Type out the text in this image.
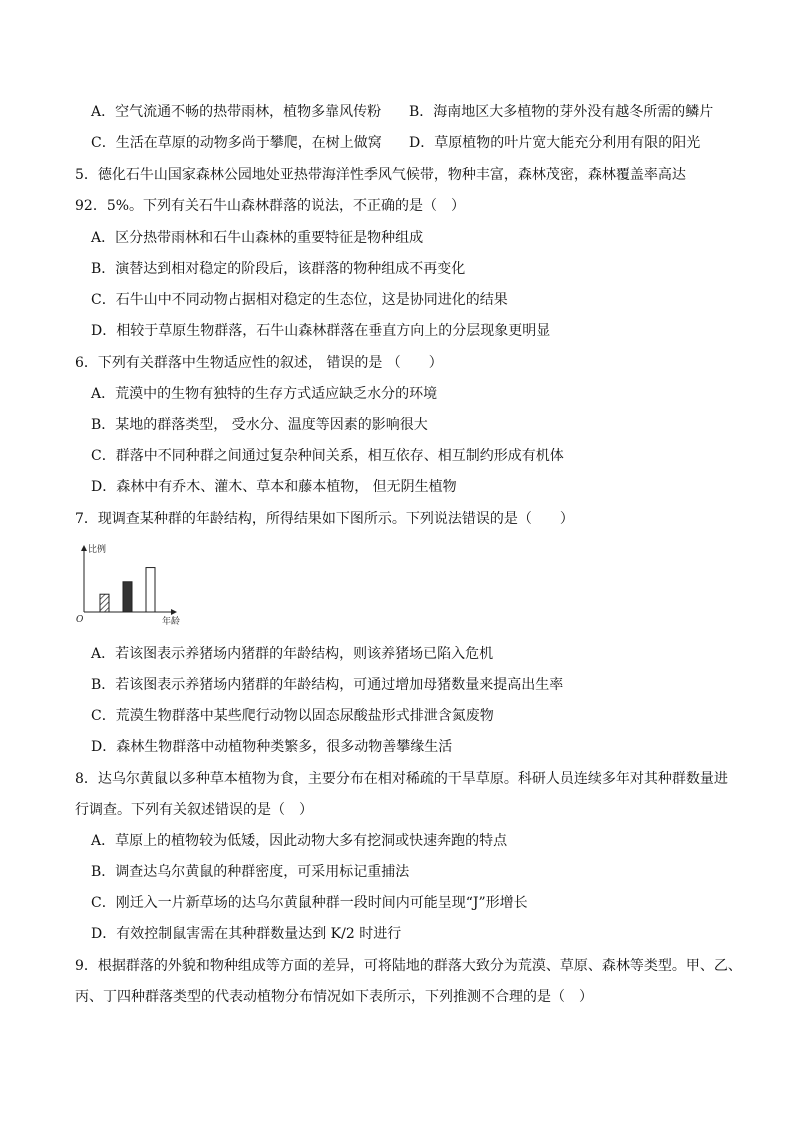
A．空气流通不畅的热带雨林，植物多靠风传粉 B．海南地区大多植物的芽外没有越冬所需的鳞片
C．生活在草原的动物多尚于攀爬，在树上做窝 D．草原植物的叶片宽大能充分利用有限的阳光
5．德化石牛山国家森林公园地处亚热带海洋性季风气候带，物种丰富，森林茂密，森林覆盖率高达
92．5%。下列有关石牛山森林群落的说法，不正确的是（　）
A．区分热带雨林和石牛山森林的重要特征是物种组成
B．演替达到相对稳定的阶段后，该群落的物种组成不再变化
C．石牛山中不同动物占据相对稳定的生态位，这是协同进化的结果
D．相较于草原生物群落，石牛山森林群落在垂直方向上的分层现象更明显
6．下列有关群落中生物适应性的叙述， 错误的是 （　　）
A．荒漠中的生物有独特的生存方式适应缺乏水分的环境
B．某地的群落类型， 受水分、温度等因素的影响很大
C．群落中不同种群之间通过复杂种间关系，相互依存、相互制约形成有机体
D．森林中有乔木、灌木、草本和藤本植物， 但无阴生植物
7．现调查某种群的年龄结构，所得结果如下图所示。下列说法错误的是（　　）
比例
O	年龄
A．若该图表示养猪场内猪群的年龄结构，则该养猪场已陷入危机
B．若该图表示养猪场内猪群的年龄结构，可通过增加母猪数量来提高出生率
C．荒漠生物群落中某些爬行动物以固态尿酸盐形式排泄含氮废物
D．森林生物群落中动植物种类繁多，很多动物善攀缘生活
8．达乌尔黄鼠以多种草本植物为食，主要分布在相对稀疏的干旱草原。科研人员连续多年对其种群数量进
行调查。下列有关叙述错误的是（　）
A．草原上的植物较为低矮，因此动物大多有挖洞或快速奔跑的特点
B．调查达乌尔黄鼠的种群密度，可采用标记重捕法
C．刚迁入一片新草场的达乌尔黄鼠种群一段时间内可能呈现“J”形增长
D．有效控制鼠害需在其种群数量达到 K/2 时进行
9．根据群落的外貌和物种组成等方面的差异，可将陆地的群落大致分为荒漠、草原、森林等类型。甲、乙、
丙、丁四种群落类型的代表动植物分布情况如下表所示，下列推测不合理的是（　）
